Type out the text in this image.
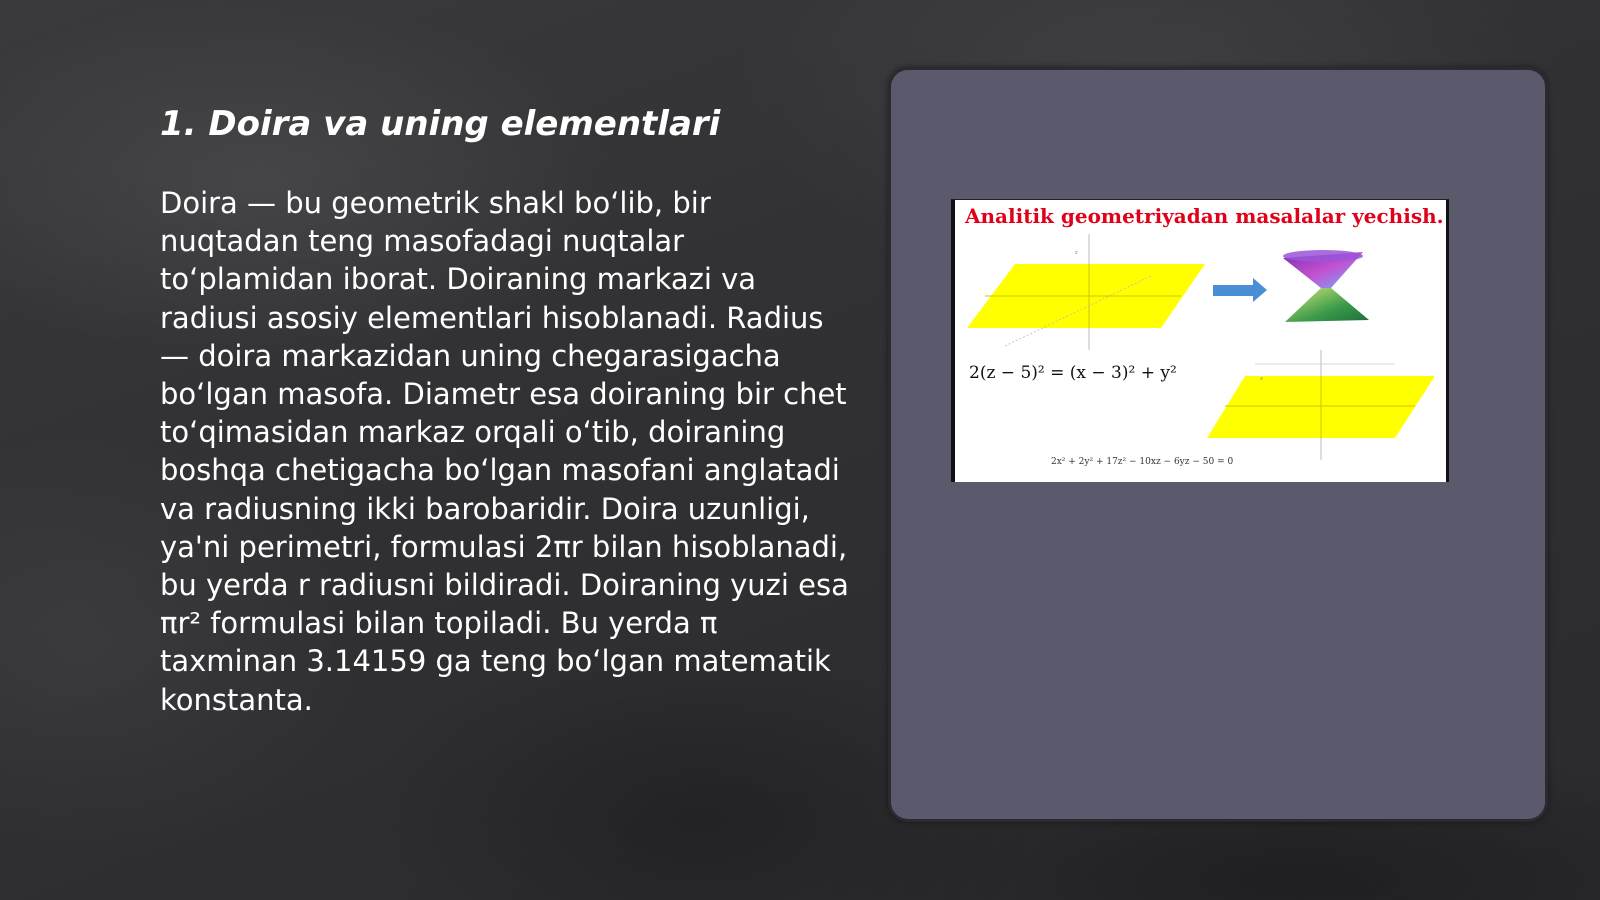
1. Doira va uning elementlari

Doira — bu geometrik shakl bo‘lib, bir nuqtadan teng masofadagi nuqtalar to‘plamidan iborat. Doiraning markazi va radiusi asosiy elementlari hisoblanadi. Radius — doira markazidan uning chegarasigacha bo‘lgan masofa. Diametr esa doiraning bir chet to‘qimasidan markaz orqali o‘tib, doiraning boshqa chetigacha bo‘lgan masofani anglatadi va radiusning ikki barobaridir. Doira uzunligi, ya'ni perimetri, formulasi 2πr bilan hisoblanadi, bu yerda r radiusni bildiradi. Doiraning yuzi esa πr² formulasi bilan topiladi. Bu yerda π taxminan 3.14159 ga teng bo‘lgan matematik konstanta.

z
x
Analitik geometriyadan masalalar yechish.
2(z − 5)² = (x − 3)² + y²
2x² + 2y² + 17z² − 10xz − 6yz − 50 = 0
